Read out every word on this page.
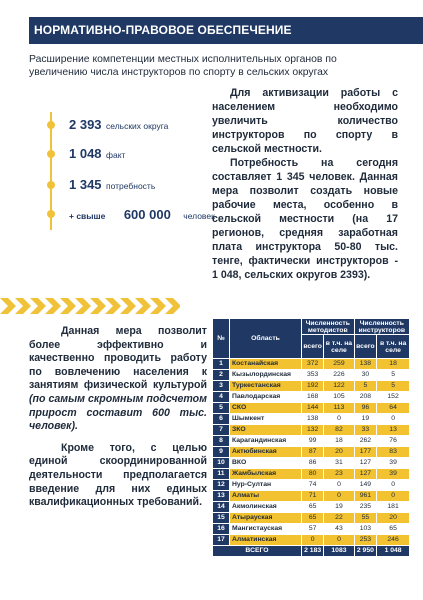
НОРМАТИВНО-ПРАВОВОЕ ОБЕСПЕЧЕНИЕ
Расширение компетенции местных исполнительных органов по увеличению числа инструкторов по спорту в сельских округах
2 393 сельских округа
1 048 факт
1 345 потребность
+ свыше 600 000 человек

Для активизации работы с населением необходимо увеличить количество инструкторов по спорту в сельской местности.

Потребность на сегодня составляет 1 345 человек. Данная мера позволит создать новые рабочие места, особенно в сельской местности (на 17 регионов, средняя заработная плата инструктора 50-80 тыс. тенге, фактически инструкторов - 1 048, сельских округов 2393).

Данная мера позволит более эффективно и качественно проводить работу по вовлечению населения к занятиям физической культурой (по самым скромным подсчетом прирост составит 600 тыс. человек).

Кроме того, с целью единой скоординированной деятельности предполагается введение для них единых квалификационных требований.

№	Область	Численность методистов		Численность инструкторов	
		всего	в т.ч. на селе	всего	в т.ч. на селе
1	Костанайская	372	259	138	18
2	Кызылординская	353	226	30	5
3	Туркестанская	192	122	5	5
4	Павлодарская	168	105	208	152
5	СКО	144	113	96	64
6	Шымкент	138	0	19	0
7	ЗКО	132	82	33	13
8	Карагандинская	99	18	262	76
9	Актюбинская	87	20	177	83
10	ВКО	86	31	127	39
11	Жамбылская	80	23	127	39
12	Нур-Султан	74	0	149	0
13	Алматы	71	0	961	0
14	Акмолинская	65	19	235	181
15	Атырауская	65	22	55	20
16	Мангистауская	57	43	103	65
17	Алматинская	0	0	253	246
ВСЕГО		2 183	1083	2 950	1 048
